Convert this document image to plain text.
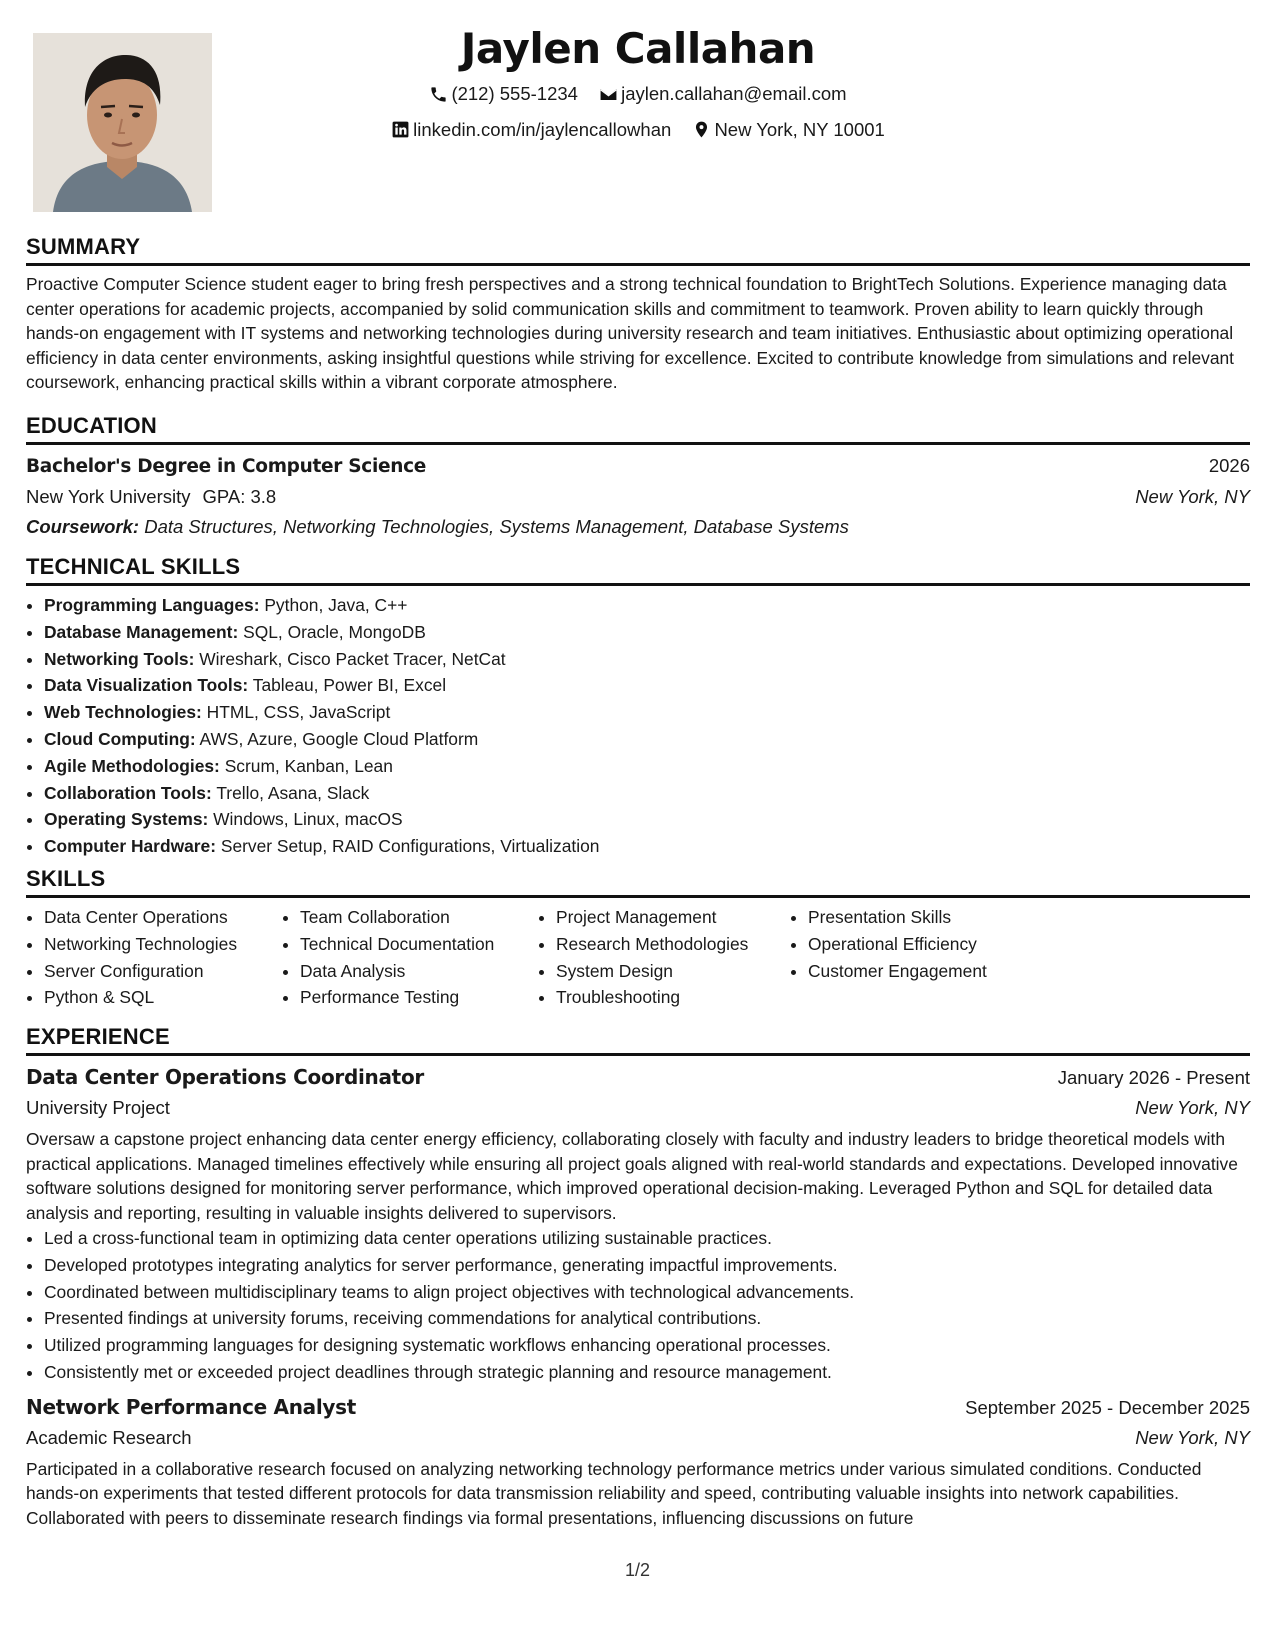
Jaylen Callahan
(212) 555-1234
jaylen.callahan@email.com
linkedin.com/in/jaylencallowhan
New York, NY 10001
SUMMARY

Proactive Computer Science student eager to bring fresh perspectives and a strong technical foundation to BrightTech Solutions. Experience managing data center operations for academic projects, accompanied by solid communication skills and commitment to teamwork. Proven ability to learn quickly through hands-on engagement with IT systems and networking technologies during university research and team initiatives. Enthusiastic about optimizing operational efficiency in data center environments, asking insightful questions while striving for excellence. Excited to contribute knowledge from simulations and relevant coursework, enhancing practical skills within a vibrant corporate atmosphere.

EDUCATION
Bachelor's Degree in Computer Science	2026
New York University GPA: 3.8	New York, NY
Coursework: Data Structures, Networking Technologies, Systems Management, Database Systems
TECHNICAL SKILLS
• Programming Languages: Python, Java, C++
• Database Management: SQL, Oracle, MongoDB
• Networking Tools: Wireshark, Cisco Packet Tracer, NetCat
• Data Visualization Tools: Tableau, Power BI, Excel
• Web Technologies: HTML, CSS, JavaScript
• Cloud Computing: AWS, Azure, Google Cloud Platform
• Agile Methodologies: Scrum, Kanban, Lean
• Collaboration Tools: Trello, Asana, Slack
• Operating Systems: Windows, Linux, macOS
• Computer Hardware: Server Setup, RAID Configurations, Virtualization
SKILLS
• Data Center Operations
• Networking Technologies
• Server Configuration
• Python & SQL
• Team Collaboration
• Technical Documentation
• Data Analysis
• Performance Testing
• Project Management
• Research Methodologies
• System Design
• Troubleshooting
• Presentation Skills
• Operational Efficiency
• Customer Engagement
EXPERIENCE
Data Center Operations Coordinator	January 2026 - Present
University Project	New York, NY

Oversaw a capstone project enhancing data center energy efficiency, collaborating closely with faculty and industry leaders to bridge theoretical models with practical applications. Managed timelines effectively while ensuring all project goals aligned with real-world standards and expectations. Developed innovative software solutions designed for monitoring server performance, which improved operational decision-making. Leveraged Python and SQL for detailed data analysis and reporting, resulting in valuable insights delivered to supervisors.

• Led a cross-functional team in optimizing data center operations utilizing sustainable practices.
• Developed prototypes integrating analytics for server performance, generating impactful improvements.
• Coordinated between multidisciplinary teams to align project objectives with technological advancements.
• Presented findings at university forums, receiving commendations for analytical contributions.
• Utilized programming languages for designing systematic workflows enhancing operational processes.
• Consistently met or exceeded project deadlines through strategic planning and resource management.
Network Performance Analyst	September 2025 - December 2025
Academic Research	New York, NY

Participated in a collaborative research focused on analyzing networking technology performance metrics under various simulated conditions. Conducted hands-on experiments that tested different protocols for data transmission reliability and speed, contributing valuable insights into network capabilities. Collaborated with peers to disseminate research findings via formal presentations, influencing discussions on future

1/2
